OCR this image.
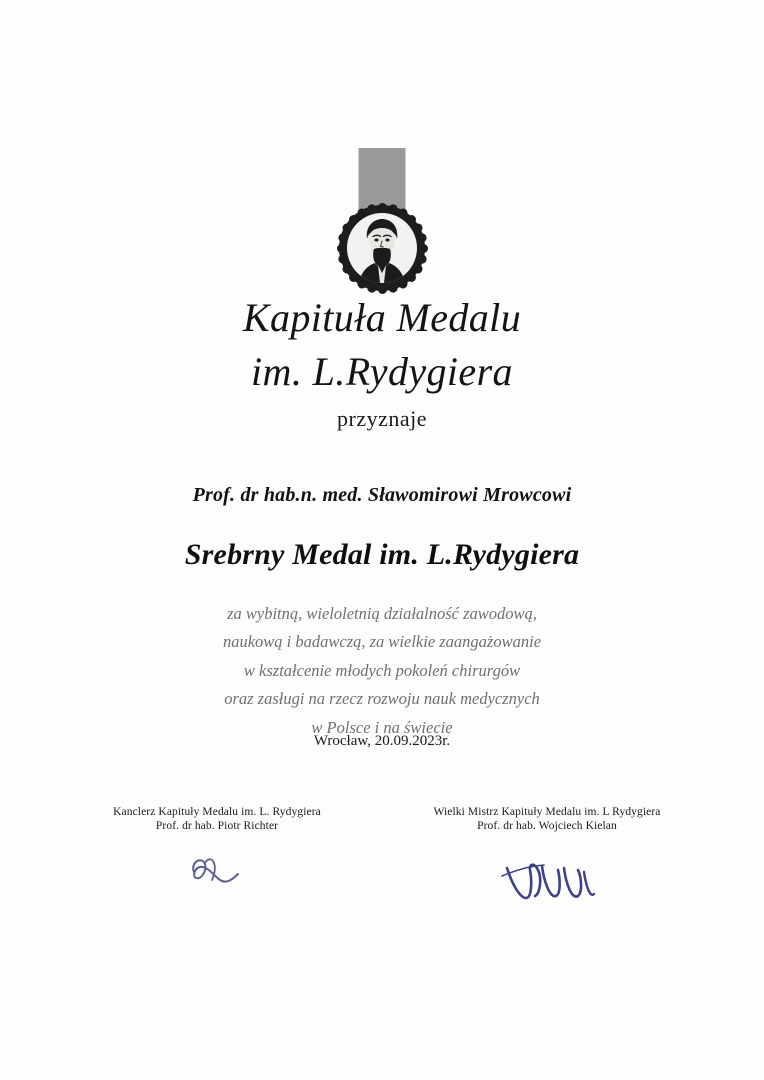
Kapituła Medalu
im. L.Rydygiera
przyznaje
Prof. dr hab.n. med. Sławomirowi Mrowcowi
Srebrny Medal im. L.Rydygiera
za wybitną, wieloletnią działalność zawodową,
naukową i badawczą, za wielkie zaangażowanie
w kształcenie młodych pokoleń chirurgów
oraz zasługi na rzecz rozwoju nauk medycznych
w Polsce i na świecie
Wrocław, 20.09.2023r.
Kanclerz Kapituły Medalu im. L. Rydygiera
Prof. dr hab. Piotr Richter
Wielki Mistrz Kapituły Medalu im. L Rydygiera
Prof. dr hab. Wojciech Kielan
